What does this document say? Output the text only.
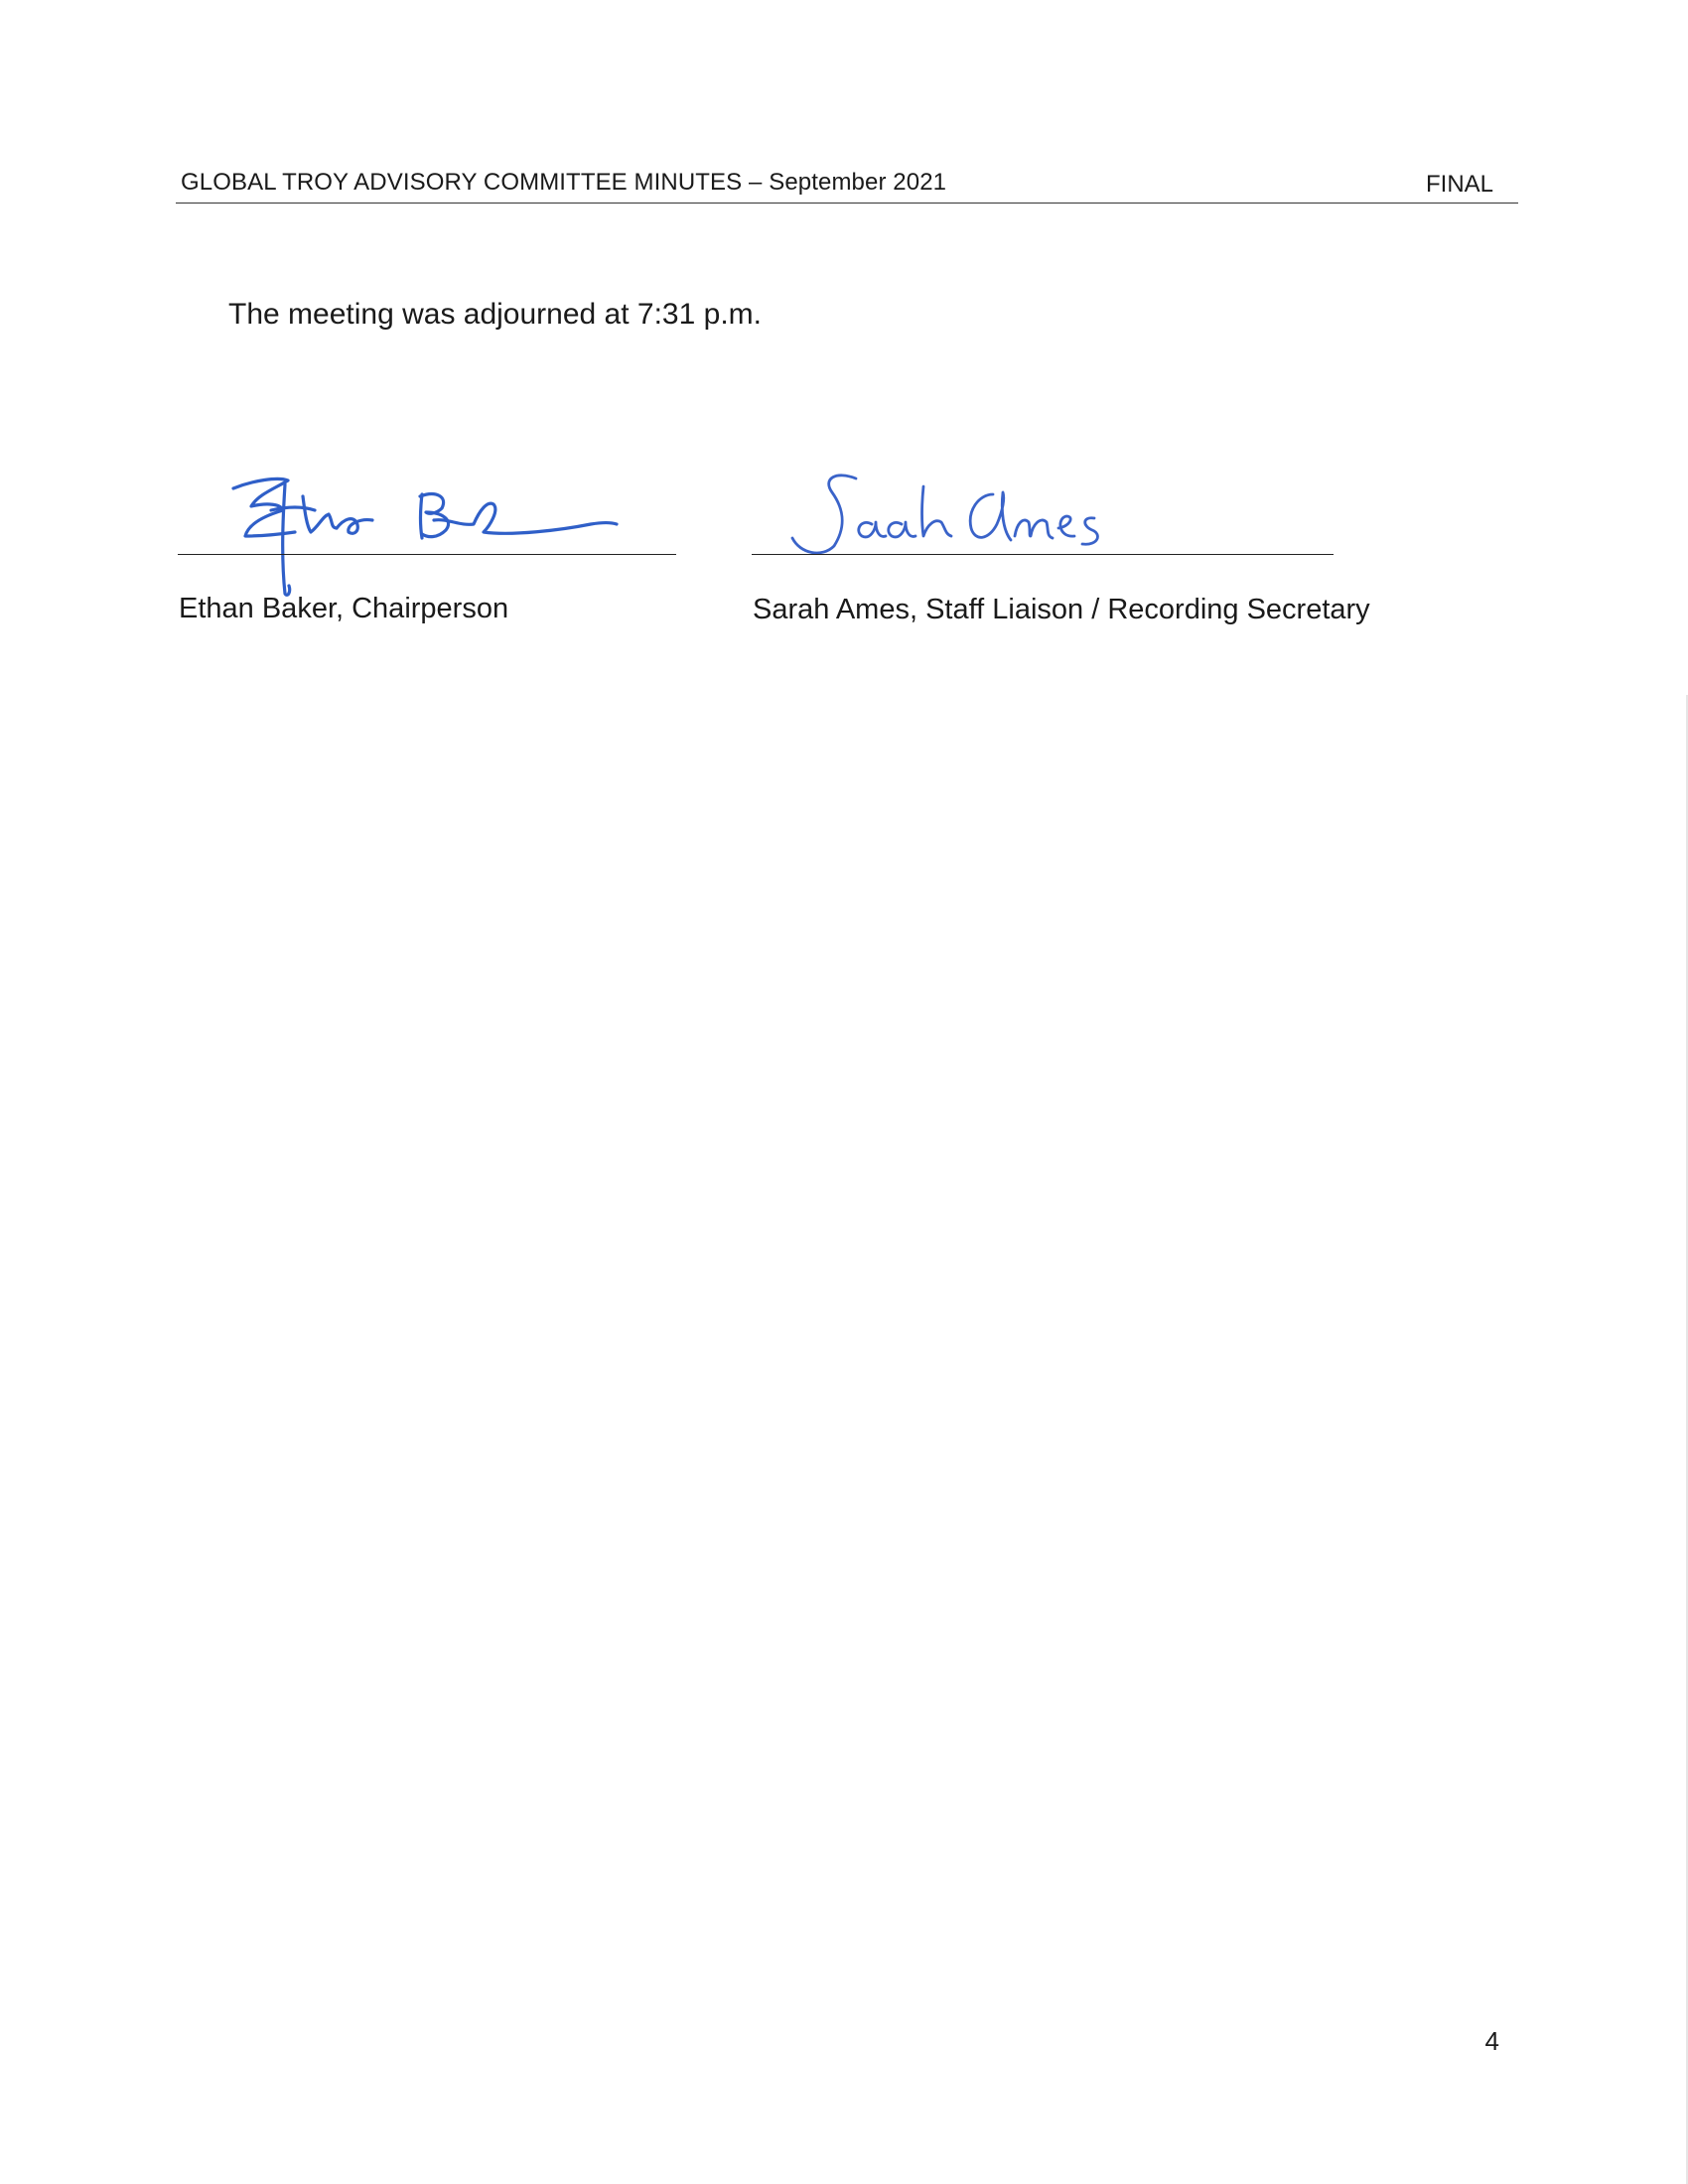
GLOBAL TROY ADVISORY COMMITTEE MINUTES – September 2021	FINAL
The meeting was adjourned at 7:31 p.m.
Ethan Baker, Chairperson	Sarah Ames, Staff Liaison / Recording Secretary
4
